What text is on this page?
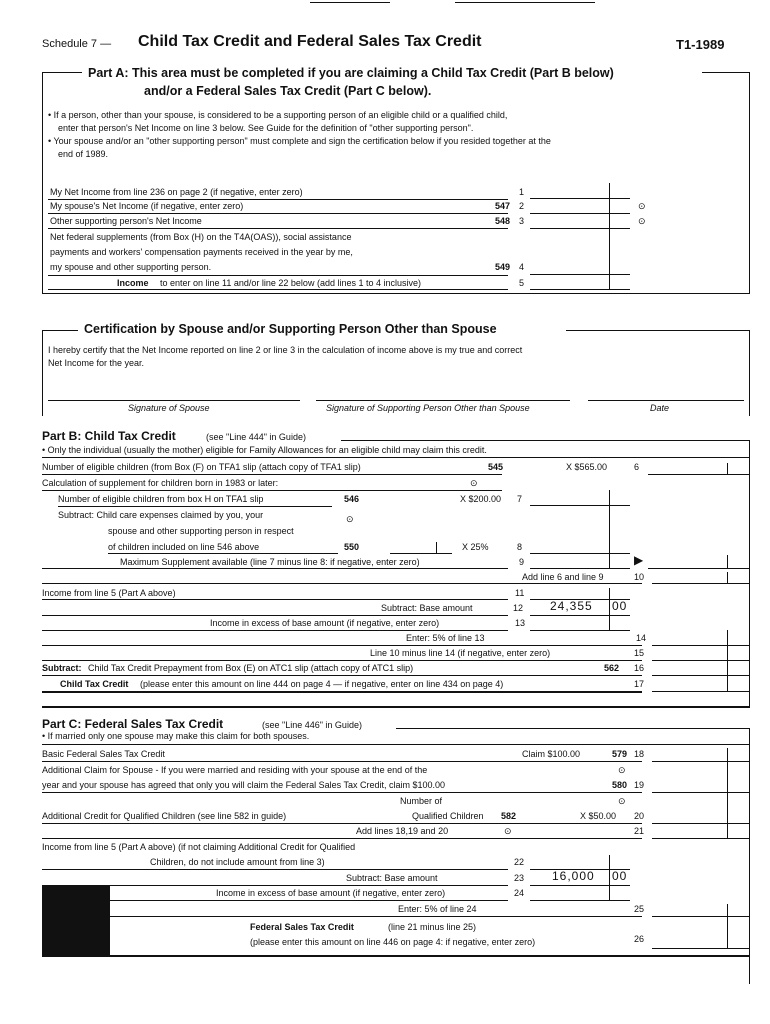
Schedule 7 — Child Tax Credit and Federal Sales Tax Credit	T1-1989
Part A: This area must be completed if you are claiming a Child Tax Credit (Part B below)
and/or a Federal Sales Tax Credit (Part C below).
• If a person, other than your spouse, is considered to be a supporting person of an eligible child or a qualified child,
enter that person's Net Income on line 3 below. See Guide for the definition of "other supporting person".
• Your spouse and/or an "other supporting person" must complete and sign the certification below if you resided together at the
end of 1989.
My Net Income from line 236 on page 2 (if negative, enter zero)	1
My spouse's Net Income (if negative, enter zero)	547 2	⊙
Other supporting person's Net Income	548 3	⊙
Net federal supplements (from Box (H) on the T4A(OAS)), social assistance
payments and workers' compensation payments received in the year by me,
my spouse and other supporting person.	549 4
Income to enter on line 11 and/or line 22 below (add lines 1 to 4 inclusive)	5
Certification by Spouse and/or Supporting Person Other than Spouse
I hereby certify that the Net Income reported on line 2 or line 3 in the calculation of income above is my true and correct
Net Income for the year.
Signature of Spouse	Signature of Supporting Person Other than Spouse	Date
Part B: Child Tax Credit	(see "Line 444" in Guide)
• Only the individual (usually the mother) eligible for Family Allowances for an eligible child may claim this credit.
Number of eligible children (from Box (F) on TFA1 slip (attach copy of TFA1 slip)	545	X $565.00	6
Calculation of supplement for children born in 1983 or later:	⊙
Number of eligible children from box H on TFA1 slip	546	X $200.00 7
Subtract: Child care expenses claimed by you, your	⊙
spouse and other supporting person in respect
of children included on line 546 above	550	X 25%	8
Maximum Supplement available (line 7 minus line 8: if negative, enter zero)	9	▶
Add line 6 and line 9	10
Income from line 5 (Part A above)	11
Subtract: Base amount	12 24,355 00
Income in excess of base amount (if negative, enter zero)	13
Enter: 5% of line 13	14
Line 10 minus line 14 (if negative, enter zero)	15
Subtract: Child Tax Credit Prepayment from Box (E) on ATC1 slip (attach copy of ATC1 slip)	562 16
Child Tax Credit (please enter this amount on line 444 on page 4 — if negative, enter on line 434 on page 4)	17
Part C: Federal Sales Tax Credit	(see "Line 446" in Guide)
• If married only one spouse may make this claim for both spouses.
Basic Federal Sales Tax Credit	Claim $100.00	579 18
Additional Claim for Spouse - If you were married and residing with your spouse at the end of the	⊙
year and your spouse has agreed that only you will claim the Federal Sales Tax Credit, claim $100.00	580 19
Number of	⊙
Additional Credit for Qualified Children (see line 582 in guide)	Qualified Children 582	X $50.00 20
Add lines 18,19 and 20	⊙	21
Income from line 5 (Part A above) (if not claiming Additional Credit for Qualified
Children, do not include amount from line 3)	22
Subtract: Base amount	23 16,000 00
Income in excess of base amount (if negative, enter zero)	24
Enter: 5% of line 24	25
Federal Sales Tax Credit	(line 21 minus line 25)
(please enter this amount on line 446 on page 4: if negative, enter zero)	26
